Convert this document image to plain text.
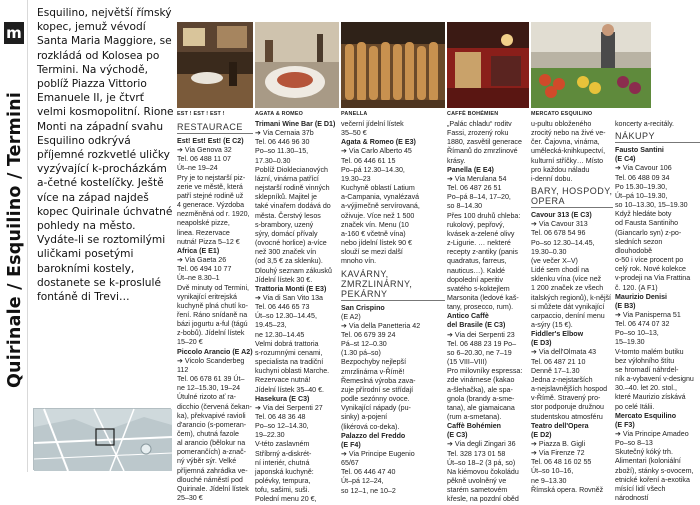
m
Quirinale / Esquilino / Termini
Esquilino, největší římský kopec, jemuž vévodí Santa Maria Maggiore, se rozkládá od Kolosea po Termini. Na východě, poblíž Piazza Vittorio Emanuele II, je čtvrť velmi kosmopolitní. Rione Monti na západní svahu Esquilino odkrývá příjemné rozkvetlé uličky vyzývající k-procházkám a-četné kostelíčky. Ještě více na západ najdeš kopec Quirinale úchvatné pohledy na město. Vydáte-li se roztomilými uličkami posetými barokními kostely, dostanete se k-proslulé fontáně di Trevi…
EST ! EST ! EST !	AGATA & ROMEO	PANELLA	CAFFÈ BOHÉMIEN	MERCATO ESQUILINO
RESTAURACE
Est! Est! Est! (E C2)
➔ Via Genova 32
Tel. 06 488 11 07
Út–ne 19–24
Pry je to nejstarší piz-
zerie ve městě, která
patří stejné rodině už
4 generace. Výzdoba
nezměněná od r. 1920,
neapolské pizze,
linea. Rezervace
nutná! Pizza 5–12 €
Africa (E E1)
➔ Via Gaeta 26
Tel. 06 494 10 77
Út–ne 8.30–1
Dvě minuty od Termini,
vynikající eritrejská
kuchyně plná chutí ko-
ření. Ráno snídaně na
bázi jogurtu a-ful (tágú
z-bobů). Jídelní lístek
15–20 €
Piccolo Arancio (E A2)
➔ Vicolo Scanderbeg
112
Tel. 06 678 61 39 Út–
ne 12–15.30, 19–24
Útulné rizoto ať ra-
dicchio (červená čekan-
ka), překvapivé ravioli
d'arancio (s-pomeran-
čem), chutná fazole
al arancio (bělokur na
pomerančích) a-znač-
ný výběr sýr. Velké
příjemná zahrádka ve-
dlouché náměstí pod
Quirinale. Jídelní lístek
25–30 €
Trimani Wine Bar (E D1)
➔ Via Cernaia 37b
Tel. 06 446 96 30
Po–so 11.30–15,
17.30–0.30
Poblíž Dioklecianových
lázní, vinárna patřící
nejstarší rodině vinných
sklepníků. Majitel je
také vinařem dodává do
města. Čerstvý lesos
s-brambory, uzený
sýry, domácí přívaly
(ovocné horlice) a-více
než 300 značek vín
(od 3,5 € za sklenku).
Dlouhý seznam zákusků
Jídelní lístek 30 €.
Trattoria Monti (E E3)
➔ Via di San Vito 13a
Tel. 06 446 65 73
Út–so 12.30–14.45,
19.45–23,
ne 12.30–14.45
Velmi dobrá trattoria
s-rozumnými cenami,
specialista na tradiční
kuchyni oblasti Marche.
Rezervace nutná!
Jídelní lístek 35–40 €.
Hasekura (E C3)
➔ Via dei Serpenti 27
Tel. 06 48 36 48
Po–so 12–14.30,
19–22.30
V-této zaslavném
Stříbrný a-diskrét-
ní interiér, chutná
japonská kuchyně:
polévky, tempura,
tofu, sašimi, suši.
Polední menu 20 €,
večerní jídelní lístek
35–50 €
Agata & Romeo (E E3)
➔ Via Carlo Alberto 45
Tel. 06 446 61 15
Po–pá 12.30–14.30,
19.30–23
Kuchyně oblastí Latium
a-Campania, vynalézavá
a-výjimečně servírovaná,
oživuje. Více než 1 500
značek vín. Menu (10
a-160 € včetně vína)
nebo jídelní lístek 90 €
slouží se mezi další
mnoho vín.
KAVÁRNY, ZMRZLINÁRNY, PEKÁRNY
San Crispino
(E A2)
➔ Via della Panetteria 42
Tel. 06 679 39 24
Pá–st 12–0.30
(1.30 pá–so)
Bezpochyby nejlepší
zmrzlinárna v-Římě!
Řemeslná výroba zava-
zuje přírodní se střídají
podle sezónny ovoce.
Vynikající nápady (pu-
sinky) a-pojení
(likérová co-deka).
Palazzo del Freddo
(E F4)
➔ Via Principe Eugenio
65/67
Tel. 06 446 47 40
Út–pá 12–24,
so 12–1, ne 10–2
„Palác chladu“ roditv
Fassi, zrozený roku
1880, zasvětil generace
Římanů do zmrzlinové
krásy.
Panella (E E4)
➔ Via Merulana 54
Tel. 06 487 26 51
Po–pá 8–14, 17–20,
so 8–14.30
Přes 100 druhů chleba:
rukolový, pepřový,
kvásek a-zelené olivy
z-Ligurie. … nekteré
recepty z-antiky (panis
quadratus, farreus,
nauticus…). Kaldé
dopolední aperitiv
svatého s-koktejlem
Marsonita (ledové kaš-
tany, prosecco, rum).
Antico Caffè
del Brasile (E C3)
➔ Via dei Serpenti 23
Tel. 06 488 23 19 Po–
so 6–20.30, ne 7–19
(15 VIII–VIII)
Pro milovníky espressa:
zde vinárnese (kakao
a-šlehačka), ale spa-
gnola (brandy a-sme-
tana), ale giamaicana
(rum a-smetana).
Caffè Bohémien
(E C3)
➔ Via degli Zingari 36
Tel. 328 173 01 58
Út–so 18–2 (3 pá, so)
Na kiémovou čokoládu
pěkně uvolněný ve
starém sametovém
křesle, na pozdní oběd
u-pultu obloženého
zrocitý nebo na živé ve-
čer. Čajovna, vinárna,
umělecká-knihkupectví,
kulturní stříčky… Místo
pro každou náladu
i-denní dobu.
BARY, HOSPODY, OPERA
Cavour 313 (E C3)
➔ Via Cavour 313
Tel. 06 678 54 96
Po–so 12.30–14.45,
19.30–0.30
(ve večer X–V)
Lidé sem chodí na
sklenku vína (více než
1 200 značek ze všech
italských regionů), k-nější
si můžete dát vynikající
carpaccio, deníní menu
a-sýry (15 €).
Fiddler's Elbow
(E D3)
➔ Via dell'Olmata 43
Tel. 06 487 21 10
Denně 17–1.30
Jedna z-nejstarších
a-nejslavnějších hospod
v-Římě. Stravený pro-
stor podporuje družnou
studentskou atmosféru
Teatro dell'Opera
(E D2)
➔ Piazza B. Gigli
➔ Via Firenze 72
Tel. 06 48 16 02 55
Út–so 10–16,
ne 9–13.30
Římská opera. Rovněž
koncerty a-recitály.
NÁKUPY
Fausto Santini
(E C4)
➔ Via Cavour 106
Tel. 06 488 09 34
Po 15.30–19.30,
Út–pá 10–19.30,
so 10–13.30, 15–19.30
Když hledáte boty
od Fausta Santiniho
(Giancarlo syn) z-po-
sledních sezon dlouhodobě
o-50 i více procent po
celý rok. Nové kolekce
v-prodeji na Via Frattina
č. 120. (A F1)
Maurizio Denisi
(E B3)
➔ Via Panisperna 51
Tel. 06 474 07 32
Po–so 10–13,
15–19.30
V-tomto malém butiku
bez výlohního štítu
se hromadí náhrdel-
ník a-vybavení v-designu
30.–40. let 20. stol.,
které Maurizio získává
po celé Itálii.
Mercato Esquilino
(E F3)
➔ Via Principe Amadeo
Po–so 8–13
Skutečný kóký trh.
Alimentari (koloniální
zboží), stánky s-ovocem,
etnické koření a-exotika
mísící lidí všech národností
